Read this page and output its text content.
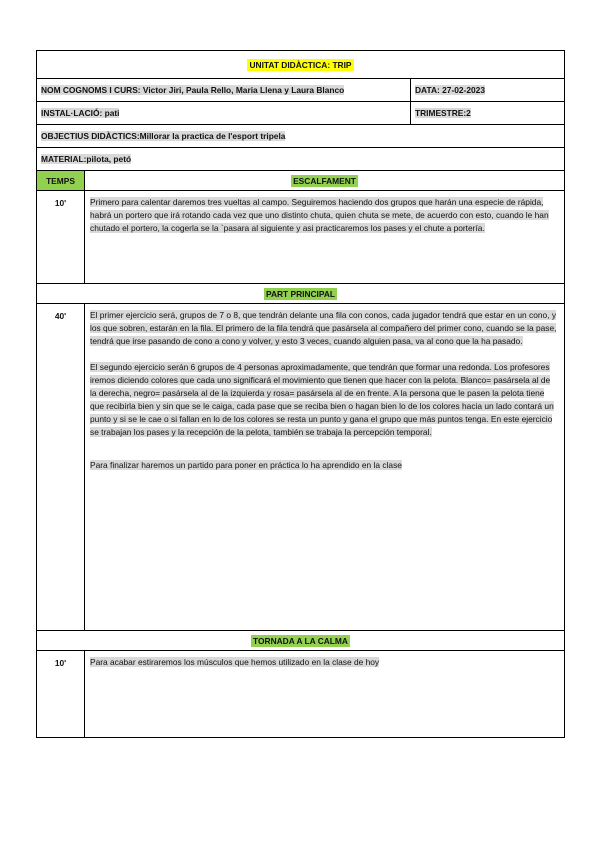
UNITAT DIDÀCTICA: TRIP		
NOM COGNOMS I CURS: Victor Jiri, Paula Rello, Maria Llena y Laura Blanco		DATA: 27-02-2023
INSTAL·LACIÓ: pati		TRIMESTRE:2
OBJECTIUS DIDÀCTICS:Millorar la practica de l'esport tripela		
MATERIAL:pilota, petó		
TEMPS	ESCALFAMENT	
10'	Primero para calentar daremos tres vueltas al campo. Seguiremos haciendo dos grupos que harán una especie de rápida, habrá un portero que irá rotando cada vez que uno distinto chuta, quien chuta se mete, de acuerdo con esto, cuando le han chutado el portero, la cogerla se la `pasara al siguiente y asi practicaremos los pases y el chute a portería.	

PART PRINCIPAL		
40'	El primer ejercicio será, grupos de 7 o 8, que tendrán delante una fila con conos, cada jugador tendrá que estar en un cono, y los que sobren, estarán en la fila. El primero de la fila tendrá que pasársela al compañero del primer cono, cuando se la pase, tendrá que irse pasando de cono a cono y volver, y esto 3 veces, cuando alguien pasa, va al cono que la ha pasado.
El segundo ejercicio serán 6 grupos de 4 personas aproximadamente, que tendrán que formar una redonda. Los profesores iremos diciendo colores que cada uno significará el movimiento que tienen que hacer con la pelota. Blanco= pasársela al de la derecha, negro= pasársela al de la izquierda y rosa= pasársela al de en frente. A la persona que le pasen la pelota tiene que recibirla bien y sin que se le caiga, cada pase que se reciba bien o hagan bien lo de los colores hacia un lado contará un punto y si se le cae o si fallan en lo de los colores se resta un punto y gana el grupo que más puntos tenga. En este ejercicio se trabajan los pases y la recepción de la pelota, también se trabaja la percepción temporal.
Para finalizar haremos un partido para poner en práctica lo ha aprendido en la clase	

TORNADA A LA CALMA		
10'	Para acabar estiraremos los músculos que hemos utilizado en la clase de hoy	
